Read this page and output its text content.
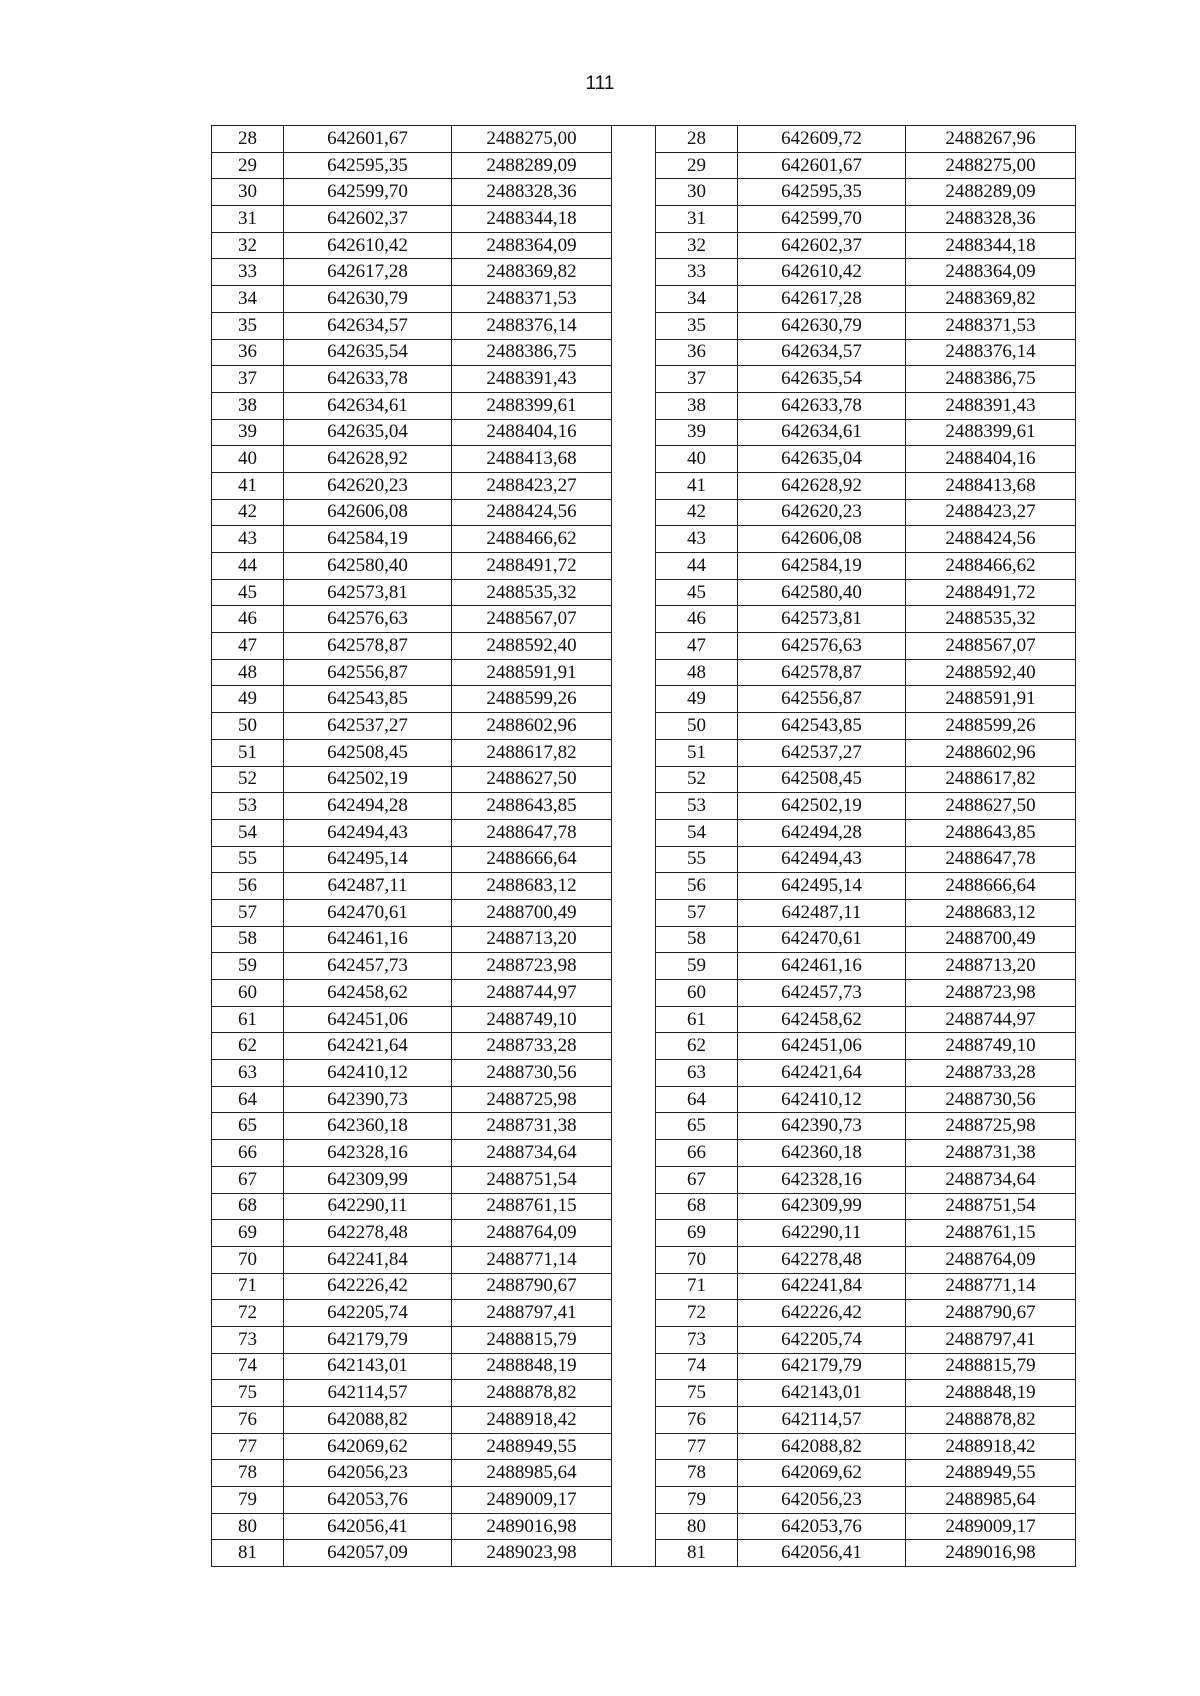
111
28	642601,67	2488275,00		28	642609,72	2488267,96
29	642595,35	2488289,09		29	642601,67	2488275,00
30	642599,70	2488328,36		30	642595,35	2488289,09
31	642602,37	2488344,18		31	642599,70	2488328,36
32	642610,42	2488364,09		32	642602,37	2488344,18
33	642617,28	2488369,82		33	642610,42	2488364,09
34	642630,79	2488371,53		34	642617,28	2488369,82
35	642634,57	2488376,14		35	642630,79	2488371,53
36	642635,54	2488386,75		36	642634,57	2488376,14
37	642633,78	2488391,43		37	642635,54	2488386,75
38	642634,61	2488399,61		38	642633,78	2488391,43
39	642635,04	2488404,16		39	642634,61	2488399,61
40	642628,92	2488413,68		40	642635,04	2488404,16
41	642620,23	2488423,27		41	642628,92	2488413,68
42	642606,08	2488424,56		42	642620,23	2488423,27
43	642584,19	2488466,62		43	642606,08	2488424,56
44	642580,40	2488491,72		44	642584,19	2488466,62
45	642573,81	2488535,32		45	642580,40	2488491,72
46	642576,63	2488567,07		46	642573,81	2488535,32
47	642578,87	2488592,40		47	642576,63	2488567,07
48	642556,87	2488591,91		48	642578,87	2488592,40
49	642543,85	2488599,26		49	642556,87	2488591,91
50	642537,27	2488602,96		50	642543,85	2488599,26
51	642508,45	2488617,82		51	642537,27	2488602,96
52	642502,19	2488627,50		52	642508,45	2488617,82
53	642494,28	2488643,85		53	642502,19	2488627,50
54	642494,43	2488647,78		54	642494,28	2488643,85
55	642495,14	2488666,64		55	642494,43	2488647,78
56	642487,11	2488683,12		56	642495,14	2488666,64
57	642470,61	2488700,49		57	642487,11	2488683,12
58	642461,16	2488713,20		58	642470,61	2488700,49
59	642457,73	2488723,98		59	642461,16	2488713,20
60	642458,62	2488744,97		60	642457,73	2488723,98
61	642451,06	2488749,10		61	642458,62	2488744,97
62	642421,64	2488733,28		62	642451,06	2488749,10
63	642410,12	2488730,56		63	642421,64	2488733,28
64	642390,73	2488725,98		64	642410,12	2488730,56
65	642360,18	2488731,38		65	642390,73	2488725,98
66	642328,16	2488734,64		66	642360,18	2488731,38
67	642309,99	2488751,54		67	642328,16	2488734,64
68	642290,11	2488761,15		68	642309,99	2488751,54
69	642278,48	2488764,09		69	642290,11	2488761,15
70	642241,84	2488771,14		70	642278,48	2488764,09
71	642226,42	2488790,67		71	642241,84	2488771,14
72	642205,74	2488797,41		72	642226,42	2488790,67
73	642179,79	2488815,79		73	642205,74	2488797,41
74	642143,01	2488848,19		74	642179,79	2488815,79
75	642114,57	2488878,82		75	642143,01	2488848,19
76	642088,82	2488918,42		76	642114,57	2488878,82
77	642069,62	2488949,55		77	642088,82	2488918,42
78	642056,23	2488985,64		78	642069,62	2488949,55
79	642053,76	2489009,17		79	642056,23	2488985,64
80	642056,41	2489016,98		80	642053,76	2489009,17
81	642057,09	2489023,98		81	642056,41	2489016,98
